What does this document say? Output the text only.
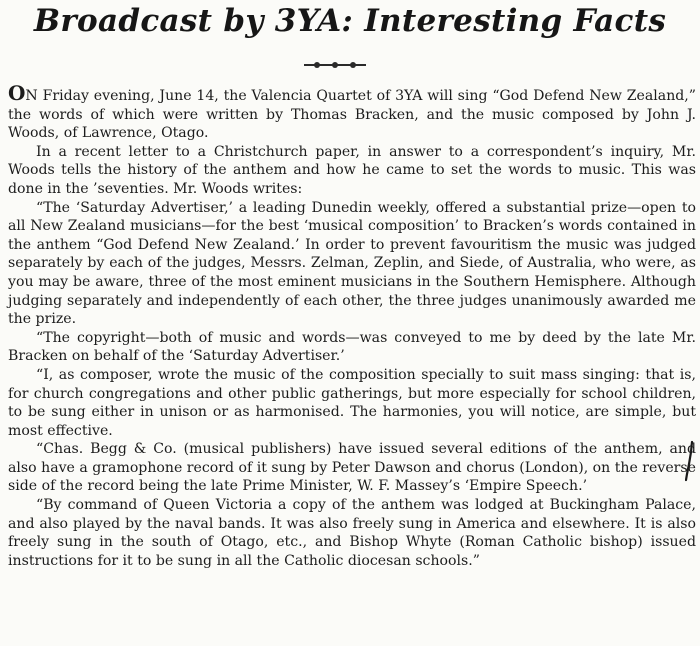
Broadcast by 3YA: Interesting Facts

ON Friday evening, June 14, the Valencia Quartet of 3YA will sing “God Defend New Zealand,” the words of which were written by Thomas Bracken, and the music composed by John J. Woods, of Lawrence, Otago.

In a recent letter to a Christchurch paper, in answer to a correspondent’s inquiry, Mr. Woods tells the history of the anthem and how he came to set the words to music. This was done in the ’seventies. Mr. Woods writes:

“The ‘Saturday Advertiser,’ a leading Dunedin weekly, offered a substantial prize—open to all New Zealand musicians—for the best ‘musical composition’ to Bracken’s words contained in the anthem “God Defend New Zealand.’ In order to prevent favouritism the music was judged separately by each of the judges, Messrs. Zelman, Zeplin, and Siede, of Australia, who were, as you may be aware, three of the most eminent musicians in the Southern Hemisphere. Although judging separately and independently of each other, the three judges unanimously awarded me the prize.

“The copyright—both of music and words—was conveyed to me by deed by the late Mr. Bracken on behalf of the ‘Saturday Advertiser.’

“I, as composer, wrote the music of the composition specially to suit mass singing: that is, for church congregations and other public gatherings, but more especially for school children, to be sung either in unison or as harmonised. The harmonies, you will notice, are simple, but most effective.

“Chas. Begg & Co. (musical publishers) have issued several editions of the anthem, and also have a gramophone record of it sung by Peter Dawson and chorus (London), on the reverse side of the record being the late Prime Minister, W. F. Massey’s ‘Empire Speech.’

“By command of Queen Victoria a copy of the anthem was lodged at Buckingham Palace, and also played by the naval bands. It was also freely sung in America and elsewhere. It is also freely sung in the south of Otago, etc., and Bishop Whyte (Roman Catholic bishop) issued instructions for it to be sung in all the Catholic diocesan schools.”
